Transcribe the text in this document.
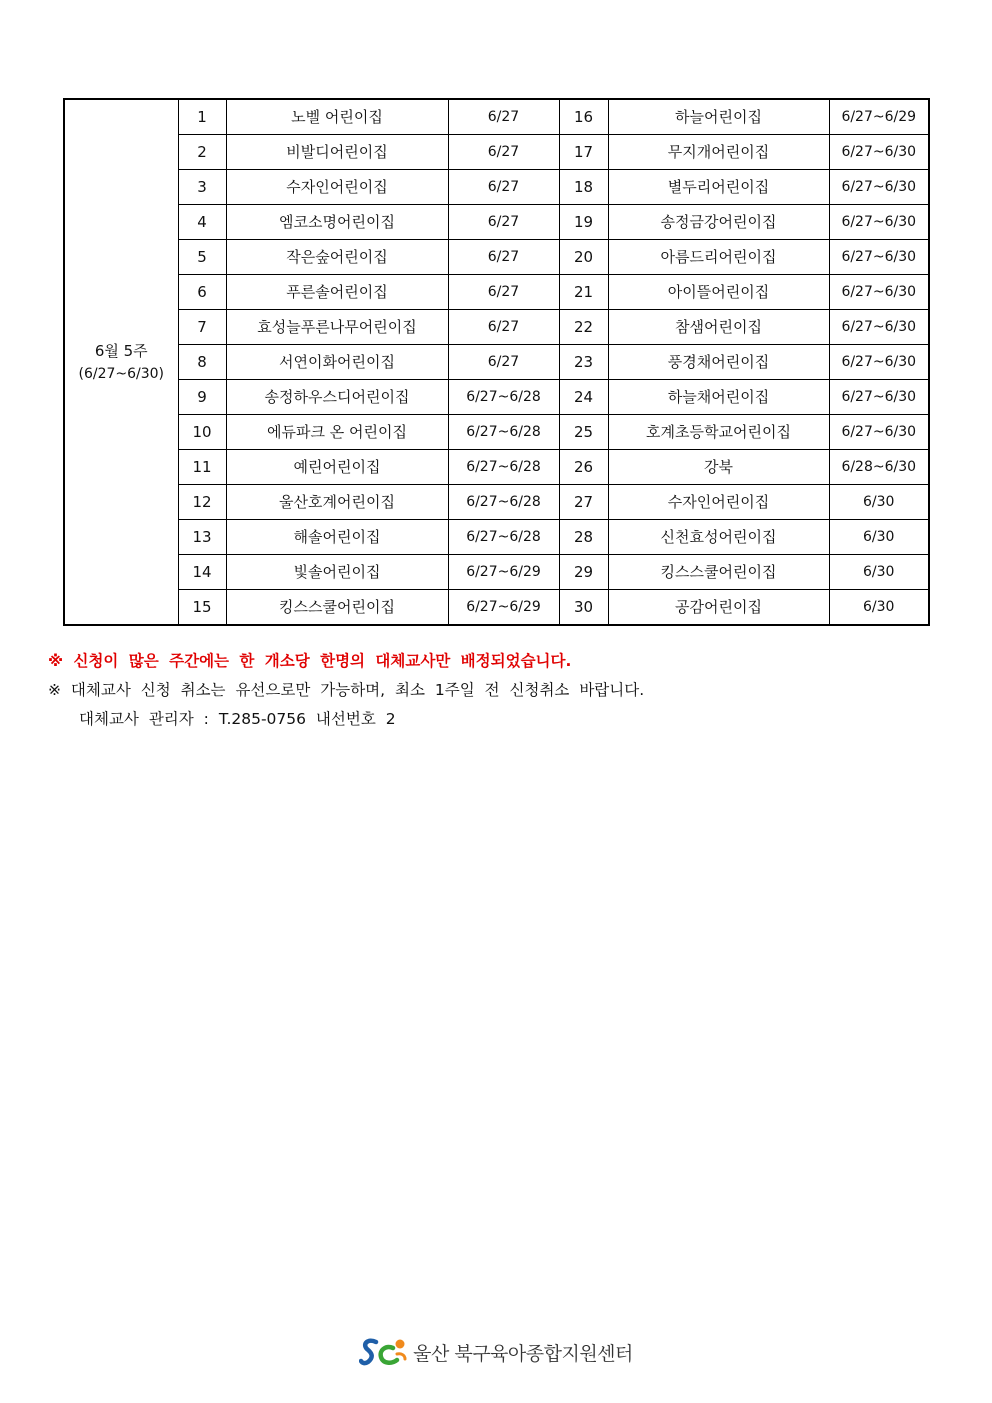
6월 5주
(6/27~6/30)	1	노벨 어린이집	6/27	16	하늘어린이집	6/27~6/29
	2	비발디어린이집	6/27	17	무지개어린이집	6/27~6/30
	3	수자인어린이집	6/27	18	별두리어린이집	6/27~6/30
	4	엠코소명어린이집	6/27	19	송정금강어린이집	6/27~6/30
	5	작은숲어린이집	6/27	20	아름드리어린이집	6/27~6/30
	6	푸른솔어린이집	6/27	21	아이뜰어린이집	6/27~6/30
	7	효성늘푸른나무어린이집	6/27	22	참샘어린이집	6/27~6/30
	8	서연이화어린이집	6/27	23	풍경채어린이집	6/27~6/30
	9	송정하우스디어린이집	6/27~6/28	24	하늘채어린이집	6/27~6/30
	10	에듀파크 온 어린이집	6/27~6/28	25	호계초등학교어린이집	6/27~6/30
	11	예린어린이집	6/27~6/28	26	강북	6/28~6/30
	12	울산호계어린이집	6/27~6/28	27	수자인어린이집	6/30
	13	해솔어린이집	6/27~6/28	28	신천효성어린이집	6/30
	14	빛솔어린이집	6/27~6/29	29	킹스스쿨어린이집	6/30
	15	킹스스쿨어린이집	6/27~6/29	30	공감어린이집	6/30
※ 신청이 많은 주간에는 한 개소당 한명의 대체교사만 배정되었습니다.
※ 대체교사 신청 취소는 유선으로만 가능하며, 최소 1주일 전 신청취소 바랍니다.
대체교사 관리자 : T.285-0756 내선번호 2
울산 북구육아종합지원센터
